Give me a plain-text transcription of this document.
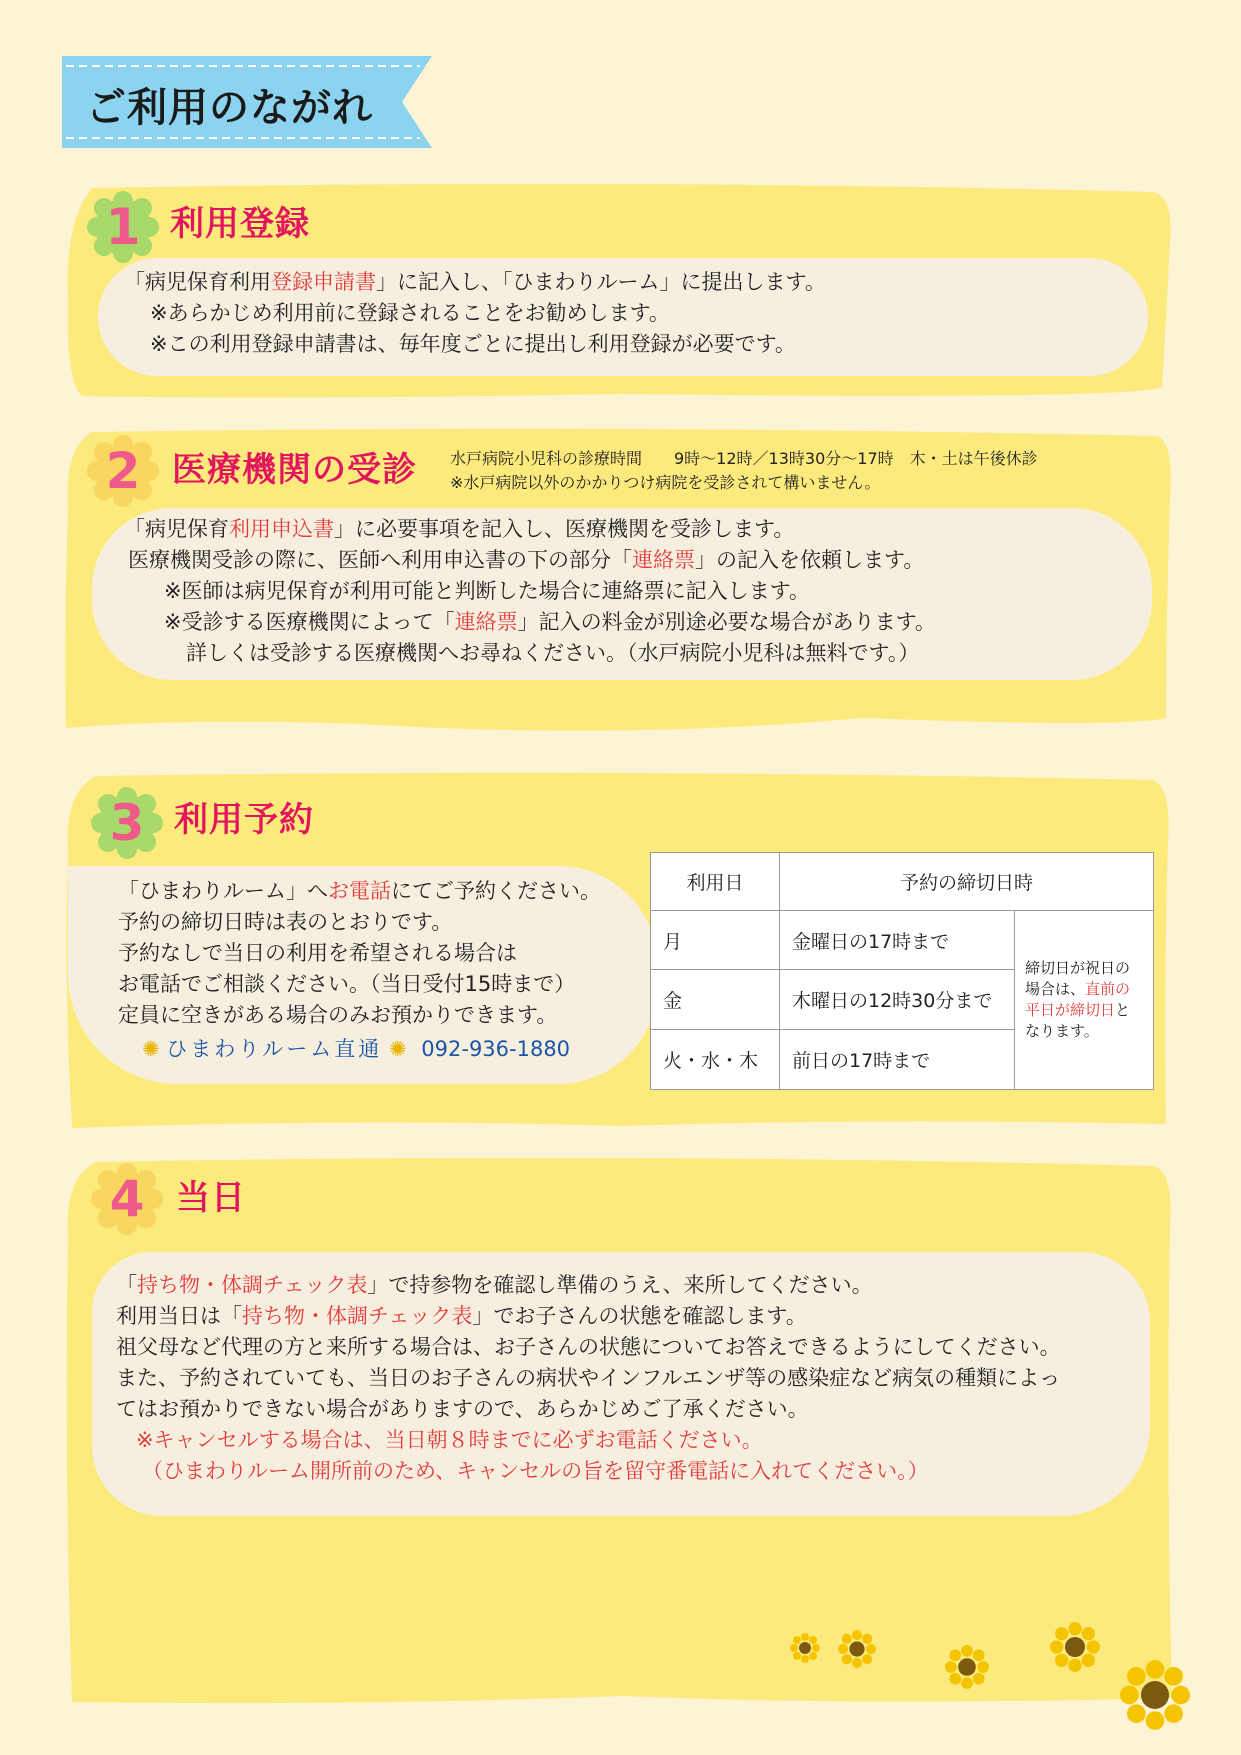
ご利用のながれ
1 利用登録
「病児保育利用登録申請書」に記入し、「ひまわりルーム」に提出します。
※あらかじめ利用前に登録されることをお勧めします。
※この利用登録申請書は、毎年度ごとに提出し利用登録が必要です。
2 医療機関の受診 水戸病院小児科の診療時間　　9時〜12時／13時30分〜17時　木・土は午後休診
※水戸病院以外のかかりつけ病院を受診されて構いません。
「病児保育利用申込書」に必要事項を記入し、医療機関を受診します。
医療機関受診の際に、医師へ利用申込書の下の部分「連絡票」の記入を依頼します。
※医師は病児保育が利用可能と判断した場合に連絡票に記入します。
※受診する医療機関によって「連絡票」記入の料金が別途必要な場合があります。
詳しくは受診する医療機関へお尋ねください。（水戸病院小児科は無料です。）
3 利用予約
「ひまわりルーム」へお電話にてご予約ください。
予約の締切日時は表のとおりです。
予約なしで当日の利用を希望される場合は
お電話でご相談ください。（当日受付15時まで）
定員に空きがある場合のみお預かりできます。
✺ ひまわりルーム直通 ✺ 092-936-1880
利用日	予約の締切日時	
月	金曜日の17時まで	締切日が祝日の場合は、直前の平日が締切日となります。
金	木曜日の12時30分まで	
火・水・木	前日の17時まで	
4 当日
「持ち物・体調チェック表」で持参物を確認し準備のうえ、来所してください。
利用当日は「持ち物・体調チェック表」でお子さんの状態を確認します。
祖父母など代理の方と来所する場合は、お子さんの状態についてお答えできるようにしてください。
また、予約されていても、当日のお子さんの病状やインフルエンザ等の感染症など病気の種類によっ
てはお預かりできない場合がありますので、あらかじめご了承ください。
※キャンセルする場合は、当日朝８時までに必ずお電話ください。
（ひまわりルーム開所前のため、キャンセルの旨を留守番電話に入れてください。）
